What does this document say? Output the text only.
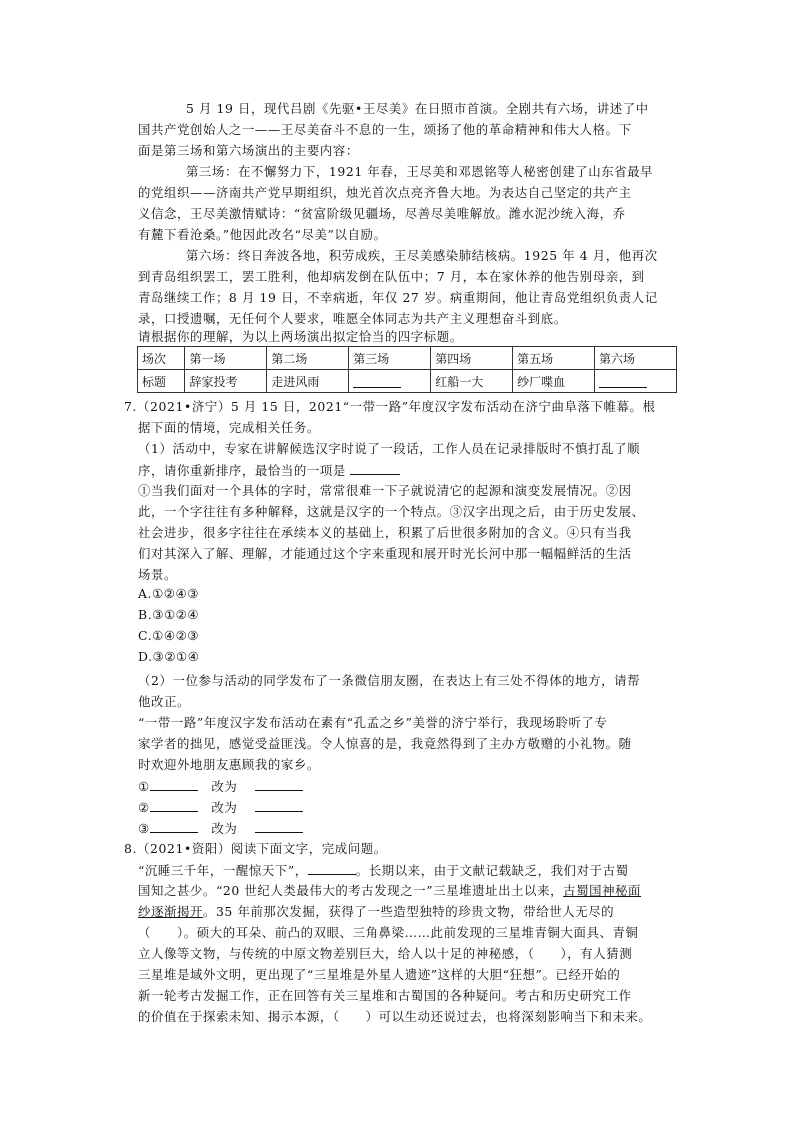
5 月 19 日，现代吕剧《先驱•王尽美》在日照市首演。全剧共有六场，讲述了中
国共产党创始人之一——王尽美奋斗不息的一生，颂扬了他的革命精神和伟大人格。下
面是第三场和第六场演出的主要内容：
第三场：在不懈努力下，1921 年春，王尽美和邓恩铭等人秘密创建了山东省最早
的党组织——济南共产党早期组织，烛光首次点亮齐鲁大地。为表达自己坚定的共产主
义信念，王尽美激情赋诗：“贫富阶级见疆场，尽善尽美唯解放。潍水泥沙统入海，乔
有麓下看沧桑。”他因此改名“尽美”以自励。
第六场：终日奔波各地，积劳成疾，王尽美感染肺结核病。1925 年 4 月，他再次
到青岛组织罢工，罢工胜利，他却病发倒在队伍中；7 月，本在家休养的他告别母亲，到
青岛继续工作；8 月 19 日，不幸病逝，年仅 27 岁。病重期间，他让青岛党组织负责人记
录，口授遗嘱，无任何个人要求，唯愿全体同志为共产主义理想奋斗到底。
请根据你的理解，为以上两场演出拟定恰当的四字标题。
场次	第一场	第二场	第三场	第四场	第五场	第六场
标题	辞家投考	走进风雨		红船一大	纱厂喋血	
7.（2021•济宁）5 月 15 日，2021“一带一路”年度汉字发布活动在济宁曲阜落下帷幕。根
据下面的情境，完成相关任务。
（1）活动中，专家在讲解候选汉字时说了一段话，工作人员在记录排版时不慎打乱了顺
序，请你重新排序，最恰当的一项是
①当我们面对一个具体的字时，常常很难一下子就说清它的起源和演变发展情况。②因
此，一个字往往有多种解释，这就是汉字的一个特点。③汉字出现之后，由于历史发展、
社会进步，很多字往往在承续本义的基础上，积累了后世很多附加的含义。④只有当我
们对其深入了解、理解，才能通过这个字来重现和展开时光长河中那一幅幅鲜活的生活
场景。
A.①②④③
B.③①②④
C.①④②③
D.③②①④
（2）一位参与活动的同学发布了一条微信朋友圈，在表达上有三处不得体的地方，请帮
他改正。
“一带一路”年度汉字发布活动在素有“孔孟之乡”美誉的济宁举行，我现场聆听了专
家学者的拙见，感觉受益匪浅。令人惊喜的是，我竟然得到了主办方敬赠的小礼物。随
时欢迎外地朋友惠顾我的家乡。
①	改为
②	改为
③	改为
8.（2021•资阳）阅读下面文字，完成问题。
“沉睡三千年，一醒惊天下”，	。长期以来，由于文献记载缺乏，我们对于古蜀
国知之甚少。“20 世纪人类最伟大的考古发现之一”三星堆遗址出土以来，古蜀国神秘面
纱逐渐揭开。35 年前那次发掘，获得了一些造型独特的珍贵文物，带给世人无尽的
（　　）。硕大的耳朵、前凸的双眼、三角鼻梁……此前发现的三星堆青铜大面具、青铜
立人像等文物，与传统的中原文物差别巨大，给人以十足的神秘感，（　　），有人猜测
三星堆是域外文明，更出现了“三星堆是外星人遗迹”这样的大胆“狂想”。已经开始的
新一轮考古发掘工作，正在回答有关三星堆和古蜀国的各种疑问。考古和历史研究工作
的价值在于探索未知、揭示本源，（　　）可以生动还说过去，也将深刻影响当下和未来。
